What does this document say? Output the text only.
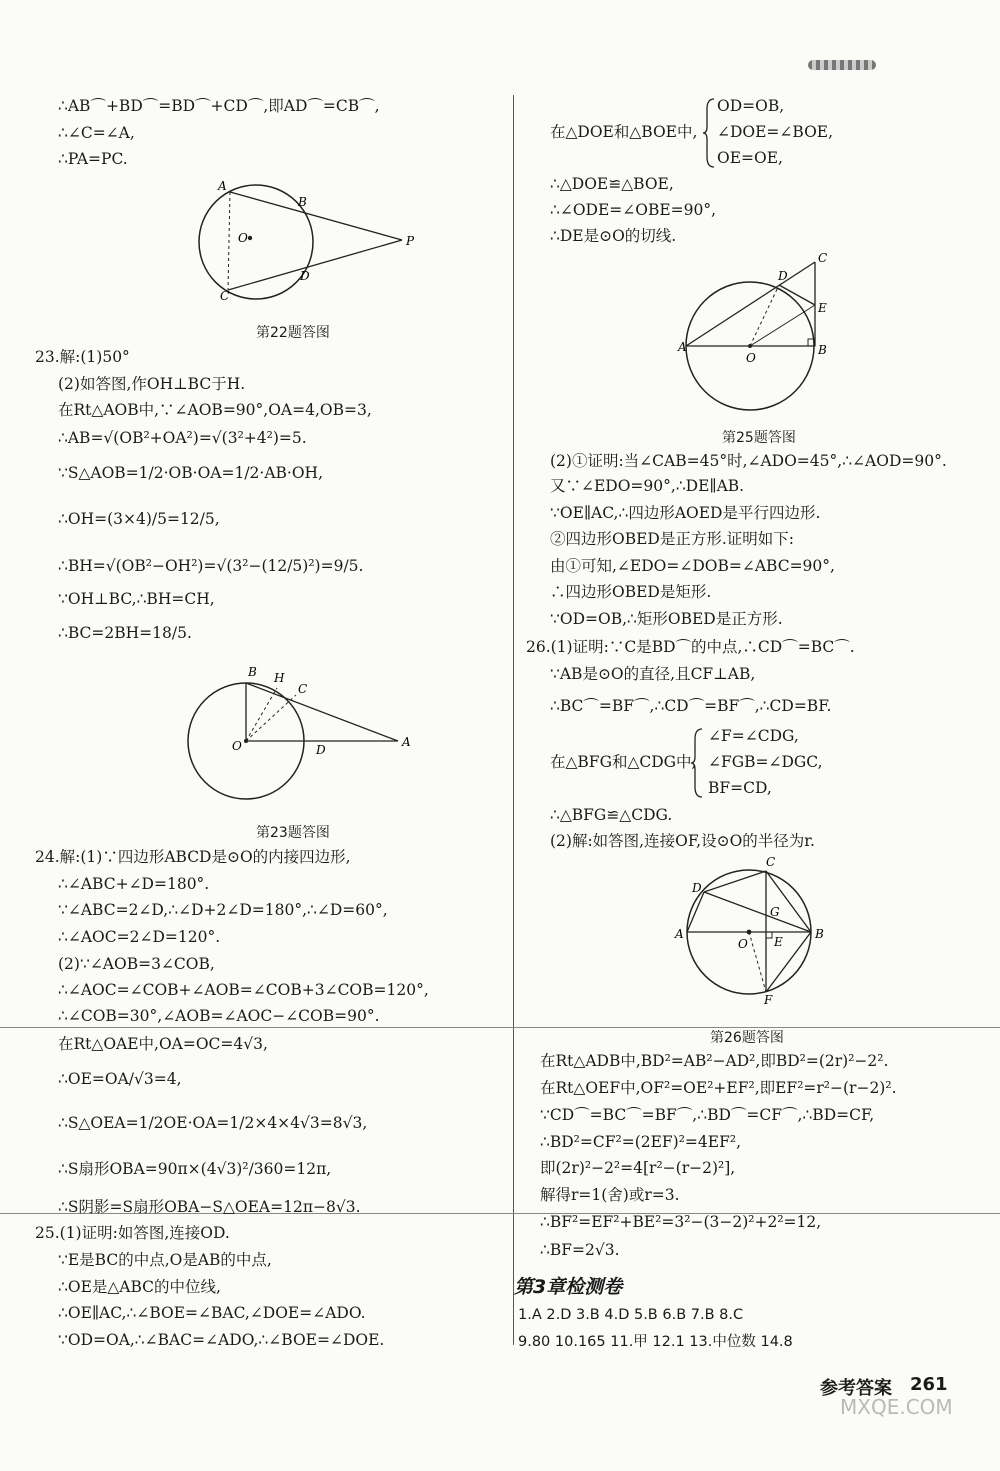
∴AB⌒+BD⌒=BD⌒+CD⌒,即AD⌒=CB⌒,
∴∠C=∠A,
∴PA=PC.
A
B
O	P
D
C
第22题答图
23.解:(1)50°
(2)如答图,作OH⊥BC于H.
在Rt△AOB中,∵∠AOB=90°,OA=4,OB=3,
∴AB=√(OB²+OA²)=√(3²+4²)=5.
∵S△AOB=1/2·OB·OA=1/2·AB·OH,
∴OH=(3×4)/5=12/5,
∴BH=√(OB²−OH²)=√(3²−(12/5)²)=9/5.
∵OH⊥BC,∴BH=CH,
∴BC=2BH=18/5.
B H
C
O	D
A
第23题答图
24.解:(1)∵四边形ABCD是⊙O的内接四边形,
∴∠ABC+∠D=180°.
∵∠ABC=2∠D,∴∠D+2∠D=180°,∴∠D=60°,
∴∠AOC=2∠D=120°.
(2)∵∠AOB=3∠COB,
∴∠AOC=∠COB+∠AOB=∠COB+3∠COB=120°,
∴∠COB=30°,∠AOB=∠AOC−∠COB=90°.
在Rt△OAE中,OA=OC=4√3,
∴OE=OA/√3=4,
∴S△OEA=1/2OE·OA=1/2×4×4√3=8√3,
∴S扇形OBA=90π×(4√3)²/360=12π,
∴S阴影=S扇形OBA−S△OEA=12π−8√3.
25.(1)证明:如答图,连接OD.
∵E是BC的中点,O是AB的中点,
∴OE是△ABC的中位线,
∴OE∥AC,∴∠BOE=∠BAC,∠DOE=∠ADO.
∵OD=OA,∴∠BAC=∠ADO,∴∠BOE=∠DOE.
OD=OB,
在△DOE和△BOE中, ∠DOE=∠BOE,
OE=OE,
∴△DOE≌△BOE,
∴∠ODE=∠OBE=90°,
∴DE是⊙O的切线.
C
D
E
A
O
B
第25题答图
(2)①证明:当∠CAB=45°时,∠ADO=45°,∴∠AOD=90°.
又∵∠EDO=90°,∴DE∥AB.
∵OE∥AC,∴四边形AOED是平行四边形.
②四边形OBED是正方形.证明如下:
由①可知,∠EDO=∠DOB=∠ABC=90°,
∴四边形OBED是矩形.
∵OD=OB,∴矩形OBED是正方形.
26.(1)证明:∵C是BD⌒的中点,∴CD⌒=BC⌒.
∵AB是⊙O的直径,且CF⊥AB,
∴BC⌒=BF⌒,∴CD⌒=BF⌒,∴CD=BF.
∠F=∠CDG,
在△BFG和△CDG中, ∠FGB=∠DGC,
BF=CD,
∴△BFG≌△CDG.
(2)解:如答图,连接OF,设⊙O的半径为r.
C
D
G
A
O E
B
F
第26题答图
在Rt△ADB中,BD²=AB²−AD²,即BD²=(2r)²−2².
在Rt△OEF中,OF²=OE²+EF²,即EF²=r²−(r−2)².
∵CD⌒=BC⌒=BF⌒,∴BD⌒=CF⌒,∴BD=CF,
∴BD²=CF²=(2EF)²=4EF²,
即(2r)²−2²=4[r²−(r−2)²],
解得r=1(舍)或r=3.
∴BF²=EF²+BE²=3²−(3−2)²+2²=12,
∴BF=2√3.
第3章检测卷
1.A 2.D 3.B 4.D 5.B 6.B 7.B 8.C
9.80 10.165 11.甲 12.1 13.中位数 14.8
参考答案 261
MXQE.COM
